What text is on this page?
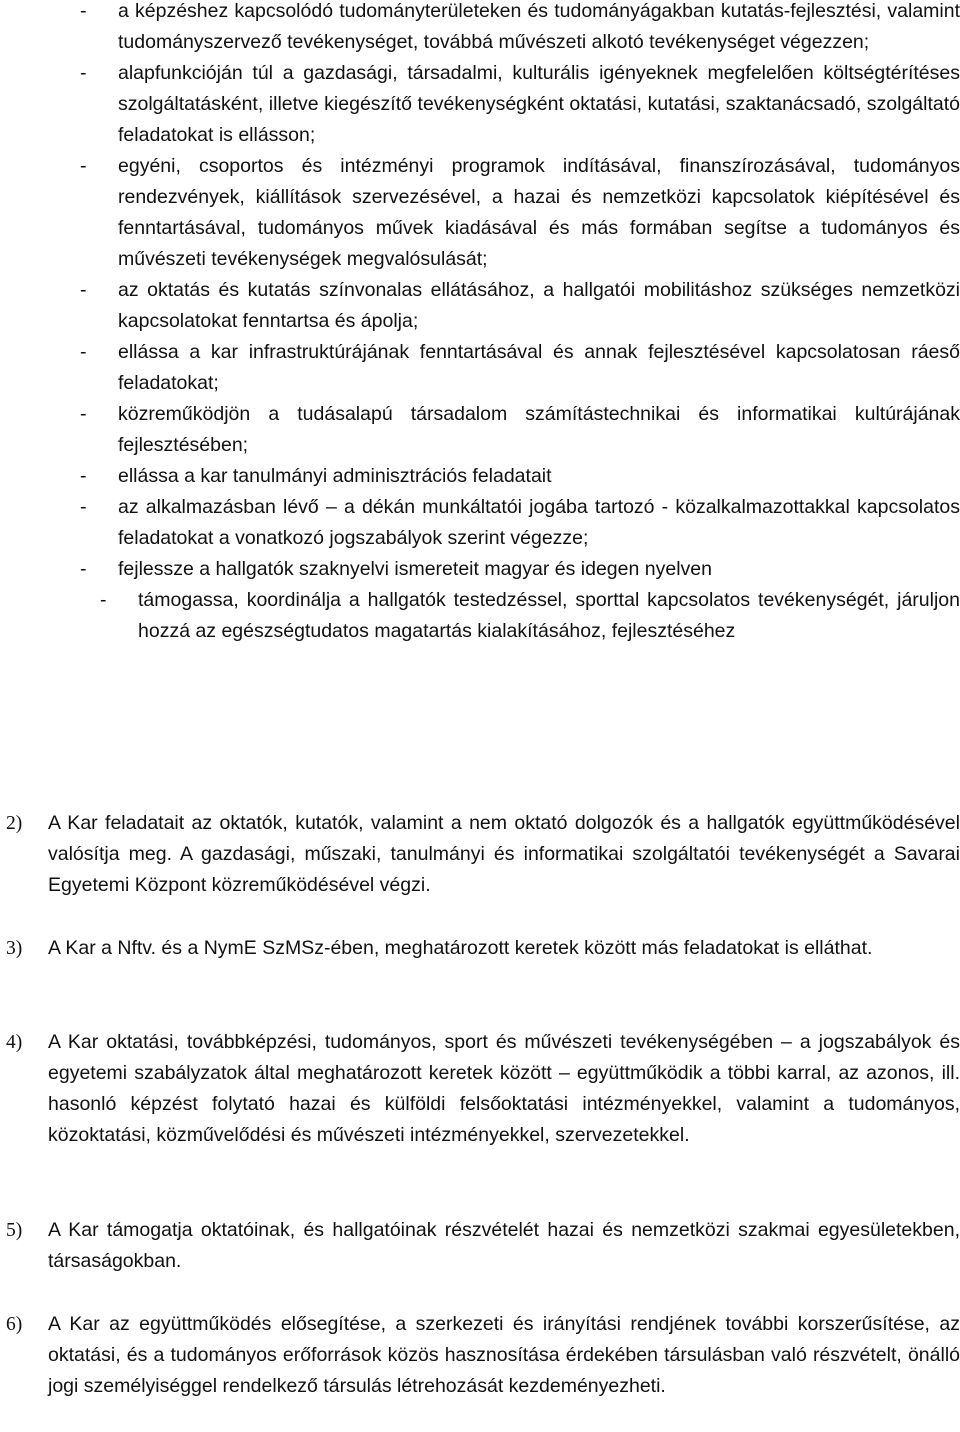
- a képzéshez kapcsolódó tudományterületeken és tudományágakban kutatás-fejlesztési, valamint tudományszervező tevékenységet, továbbá művészeti alkotó tevékenységet végezzen;
- alapfunkcióján túl a gazdasági, társadalmi, kulturális igényeknek megfelelően költségtérítéses szolgáltatásként, illetve kiegészítő tevékenységként oktatási, kutatási, szaktanácsadó, szolgáltató feladatokat is ellásson;
- egyéni, csoportos és intézményi programok indításával, finanszírozásával, tudományos rendezvények, kiállítások szervezésével, a hazai és nemzetközi kapcsolatok kiépítésével és fenntartásával, tudományos művek kiadásával és más formában segítse a tudományos és művészeti tevékenységek megvalósulását;
- az oktatás és kutatás színvonalas ellátásához, a hallgatói mobilitáshoz szükséges nemzetközi kapcsolatokat fenntartsa és ápolja;
- ellássa a kar infrastruktúrájának fenntartásával és annak fejlesztésével kapcsolatosan ráeső feladatokat;
- közreműködjön a tudásalapú társadalom számítástechnikai és informatikai kultúrájának fejlesztésében;
- ellássa a kar tanulmányi adminisztrációs feladatait
- az alkalmazásban lévő – a dékán munkáltatói jogába tartozó - közalkalmazottakkal kapcsolatos feladatokat a vonatkozó jogszabályok szerint végezze;
- fejlessze a hallgatók szaknyelvi ismereteit magyar és idegen nyelven
- támogassa, koordinálja a hallgatók testedzéssel, sporttal kapcsolatos tevékenységét, járuljon hozzá az egészségtudatos magatartás kialakításához, fejlesztéséhez
2) A Kar feladatait az oktatók, kutatók, valamint a nem oktató dolgozók és a hallgatók együttműködésével valósítja meg. A gazdasági, műszaki, tanulmányi és informatikai szolgáltatói tevékenységét a Savarai Egyetemi Központ közreműködésével végzi.
3) A Kar a Nftv. és a NymE SzMSz-ében, meghatározott keretek között más feladatokat is elláthat.
4) A Kar oktatási, továbbképzési, tudományos, sport és művészeti tevékenységében – a jogszabályok és egyetemi szabályzatok által meghatározott keretek között – együttműködik a többi karral, az azonos, ill. hasonló képzést folytató hazai és külföldi felsőoktatási intézményekkel, valamint a tudományos, közoktatási, közművelődési és művészeti intézményekkel, szervezetekkel.
5) A Kar támogatja oktatóinak, és hallgatóinak részvételét hazai és nemzetközi szakmai egyesületekben, társaságokban.
6) A Kar az együttműködés elősegítése, a szerkezeti és irányítási rendjének további korszerűsítése, az oktatási, és a tudományos erőforrások közös hasznosítása érdekében társulásban való részvételt, önálló jogi személyiséggel rendelkező társulás létrehozását kezdeményezheti.
